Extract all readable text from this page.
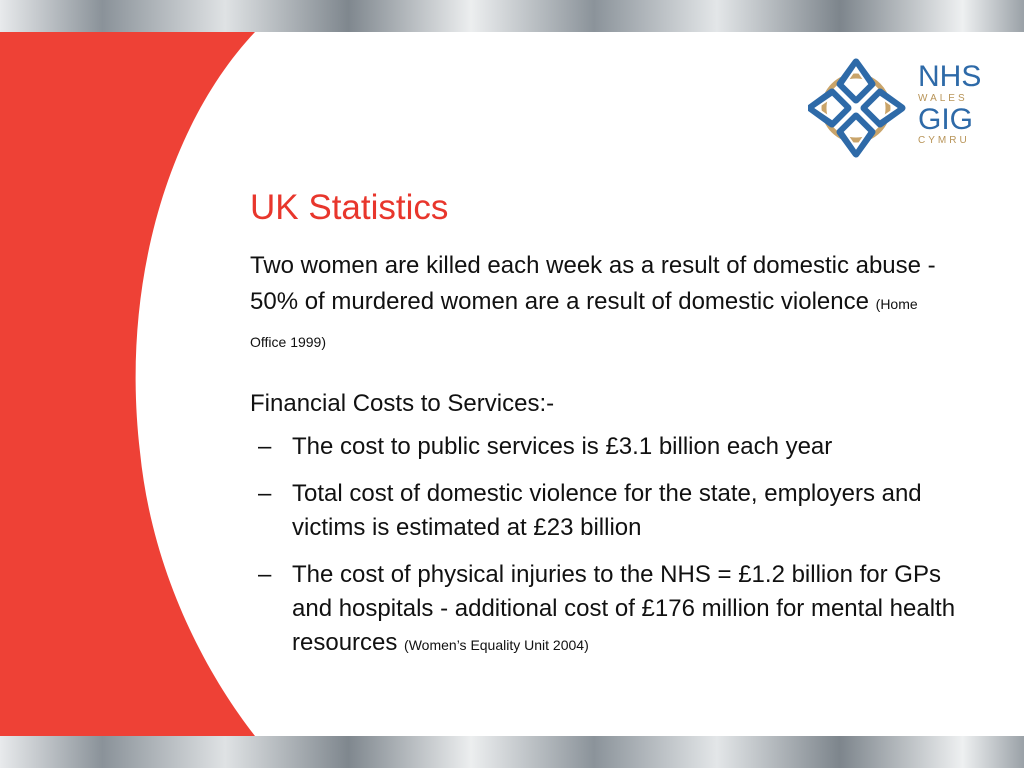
NHS
WALES
GIG
CYMRU
UK Statistics

Two women are killed each week as a result of domestic abuse - 50% of murdered women are a result of domestic violence (Home Office 1999)

Financial Costs to Services:-

– The cost to public services is £3.1 billion each year
– Total cost of domestic violence for the state, employers and victims is estimated at £23 billion
– The cost of physical injuries to the NHS = £1.2 billion for GPs and hospitals - additional cost of £176 million for mental health resources (Women’s Equality Unit 2004)
